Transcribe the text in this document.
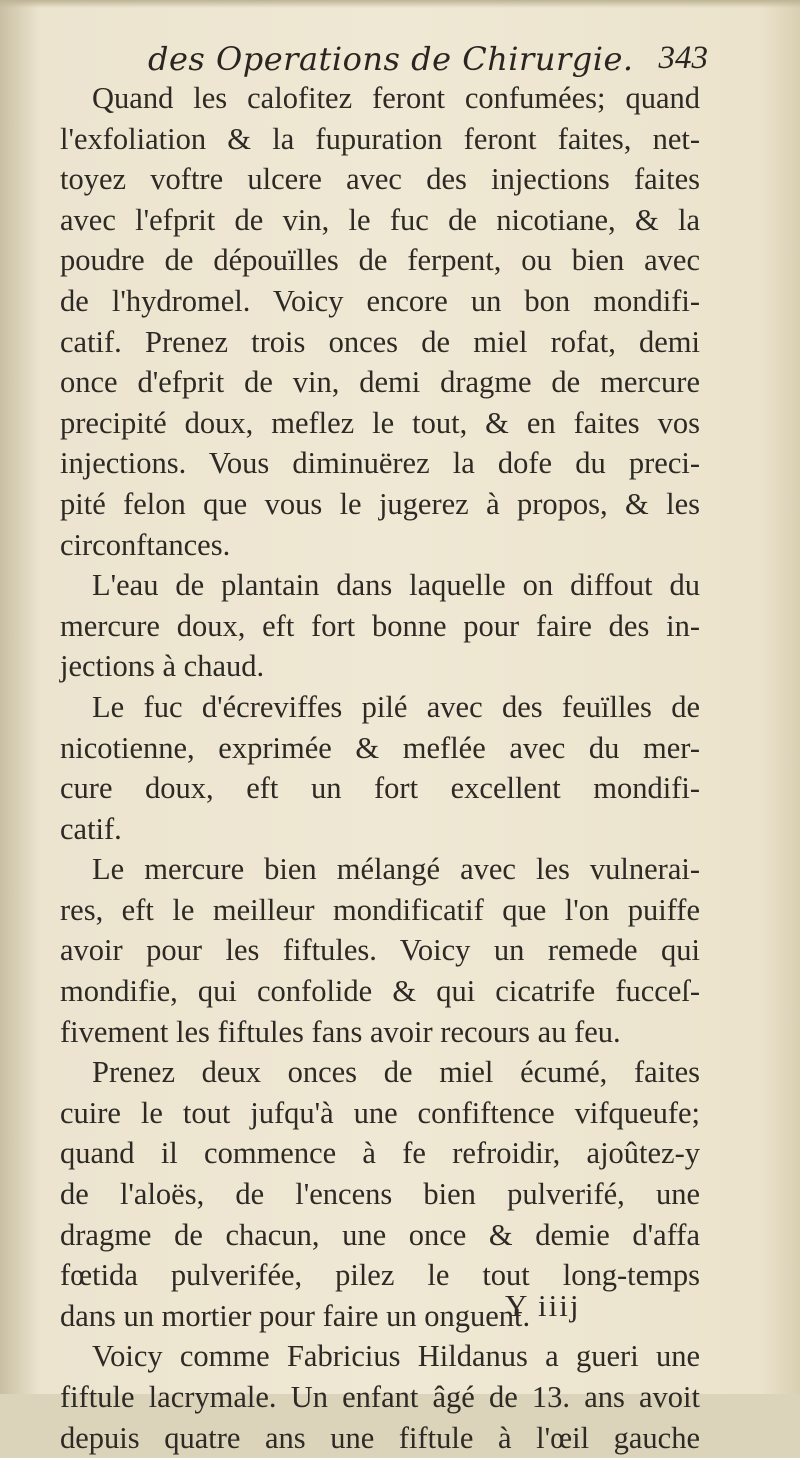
des Operations de Chirurgie. 343
Quand les calofitez feront confumées; quand
l'exfoliation & la fupuration feront faites, net-
toyez voftre ulcere avec des injections faites
avec l'efprit de vin, le fuc de nicotiane, & la
poudre de dépouïlles de ferpent, ou bien avec
de l'hydromel. Voicy encore un bon mondifi-
catif. Prenez trois onces de miel rofat, demi
once d'efprit de vin, demi dragme de mercure
precipité doux, meflez le tout, & en faites vos
injections. Vous diminuërez la dofe du preci-
pité felon que vous le jugerez à propos, & les
circonftances.
L'eau de plantain dans laquelle on diffout du
mercure doux, eft fort bonne pour faire des in-
jections à chaud.
Le fuc d'écreviffes pilé avec des feuïlles de
nicotienne, exprimée & meflée avec du mer-
cure doux, eft un fort excellent mondifi-
catif.
Le mercure bien mélangé avec les vulnerai-
res, eft le meilleur mondificatif que l'on puiffe
avoir pour les fiftules. Voicy un remede qui
mondifie, qui confolide & qui cicatrife fucceſ-
fivement les fiftules fans avoir recours au feu.
Prenez deux onces de miel écumé, faites
cuire le tout jufqu'à une confiftence vifqueufe;
quand il commence à fe refroidir, ajoûtez-y
de l'aloës, de l'encens bien pulverifé, une
dragme de chacun, une once & demie d'affa
fœtida pulverifée, pilez le tout long-temps
dans un mortier pour faire un onguent.
Voicy comme Fabricius Hildanus a gueri une
fiftule lacrymale. Un enfant âgé de 13. ans avoit
depuis quatre ans une fiftule à l'œil gauche
Y iiij
